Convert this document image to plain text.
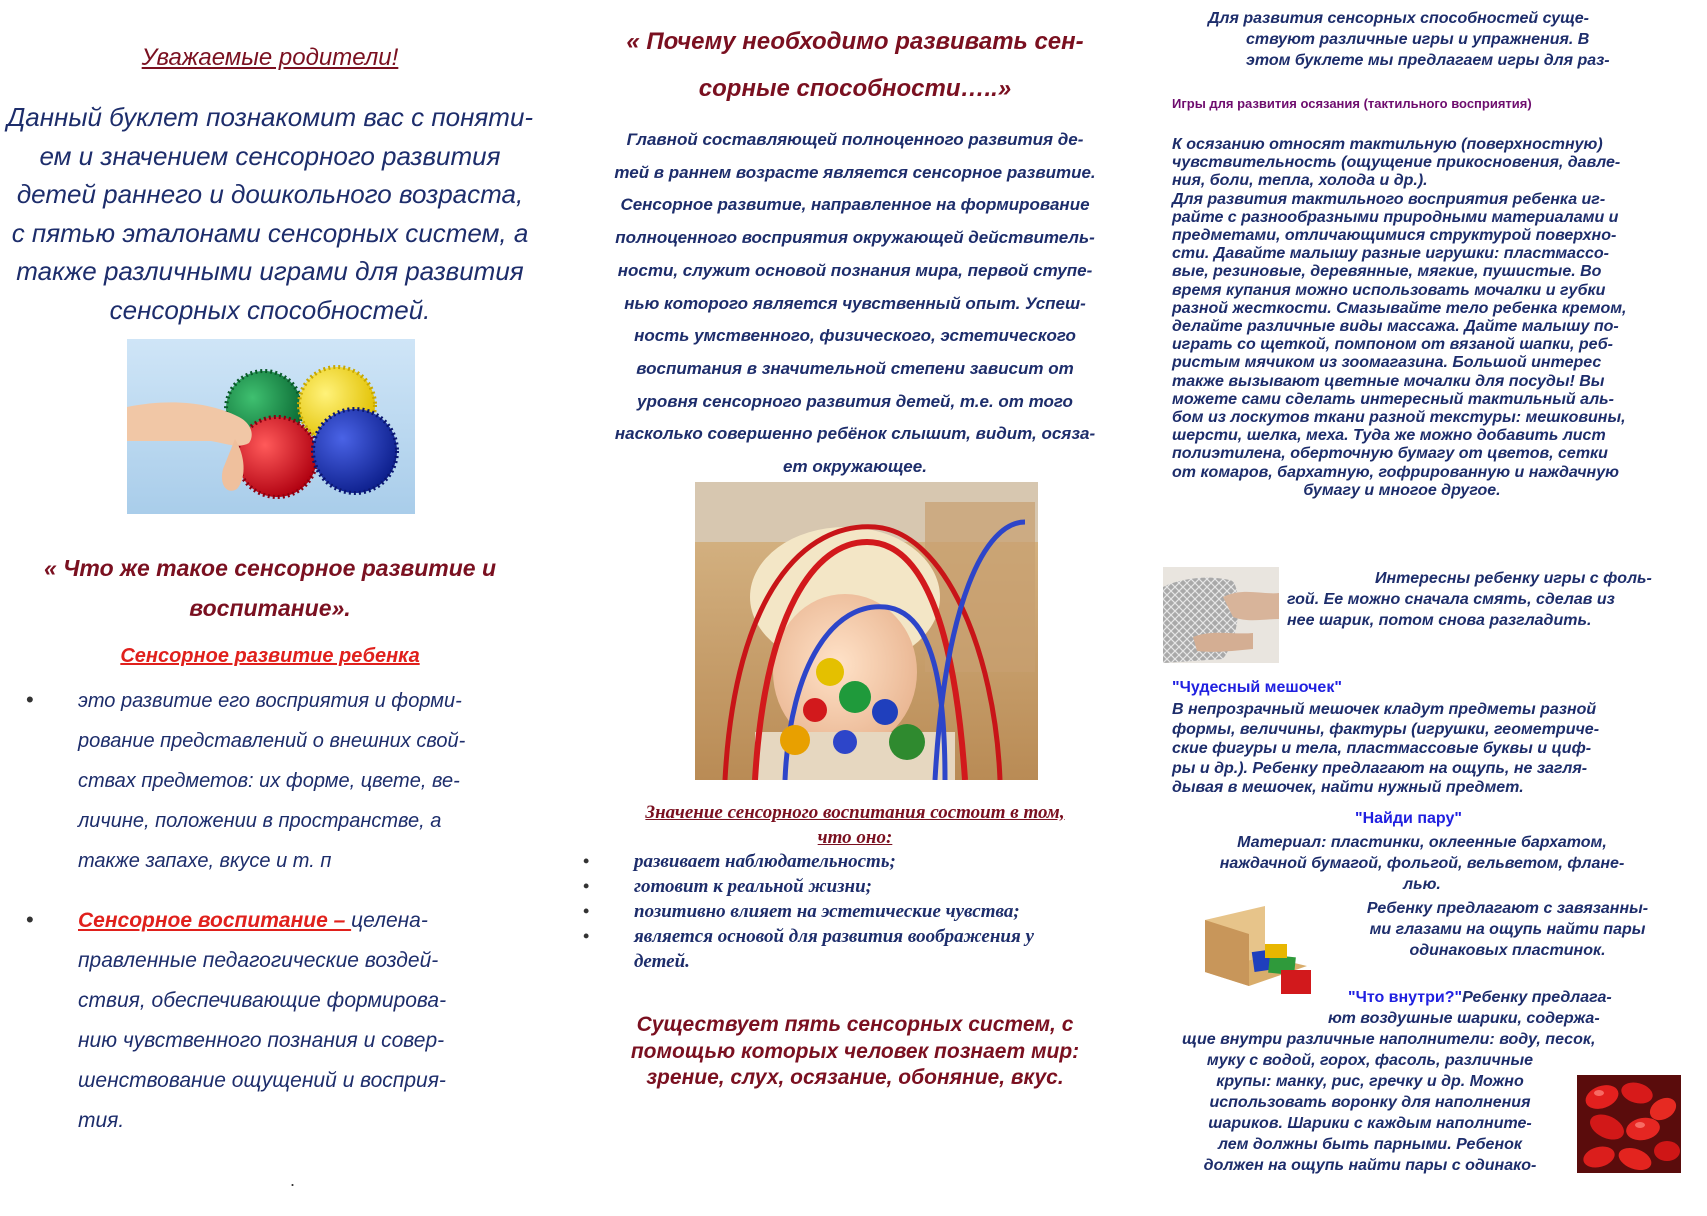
Уважаемые родители!
Данный буклет познакомит вас с поняти-
ем и значением сенсорного развития
детей раннего и дошкольного возраста,
с пятью эталонами сенсорных систем, а
также различными играми для развития
сенсорных способностей.
« Что же такое сенсорное развитие и
воспитание».
Сенсорное развитие ребенка
• это развитие его восприятия и форми-
рование представлений о внешних свой-
ствах предметов: их форме, цвете, ве-
личине, положении в пространстве, а
также запахе, вкусе и т. п
• Сенсорное воспитание – целена-
правленные педагогические воздей-
ствия, обеспечивающие формирова-
нию чувственного познания и совер-
шенствование ощущений и восприя-
тия.
.
« Почему необходимо развивать сен-
сорные способности…..»
Главной составляющей полноценного развития де-
тей в раннем возрасте является сенсорное развитие.
Сенсорное развитие, направленное на формирование
полноценного восприятия окружающей действитель-
ности, служит основой познания мира, первой ступе-
нью которого является чувственный опыт. Успеш-
ность умственного, физического, эстетического
воспитания в значительной степени зависит от
уровня сенсорного развития детей, т.е. от того
насколько совершенно ребёнок слышит, видит, осяза-
ет окружающее.
Значение сенсорного воспитания состоит в том,
что оно:
• развивает наблюдательность;
• готовит к реальной жизни;
• позитивно влияет на эстетические чувства;
• является основой для развития воображения у
детей.
Существует пять сенсорных систем, с
помощью которых человек познает мир:
зрение, слух, осязание, обоняние, вкус.
Для развития сенсорных способностей суще-
ствуют различные игры и упражнения. В
этом буклете мы предлагаем игры для раз-
Игры для развития осязания (тактильного восприятия)
К осязанию относят тактильную (поверхностную)
чувствительность (ощущение прикосновения, давле-
ния, боли, тепла, холода и др.).
Для развития тактильного восприятия ребенка иг-
райте с разнообразными природными материалами и
предметами, отличающимися структурой поверхно-
сти. Давайте малышу разные игрушки: пластмассо-
вые, резиновые, деревянные, мягкие, пушистые. Во
время купания можно использовать мочалки и губки
разной жесткости. Смазывайте тело ребенка кремом,
делайте различные виды массажа. Дайте малышу по-
играть со щеткой, помпоном от вязаной шапки, реб-
ристым мячиком из зоомагазина. Большой интерес
также вызывают цветные мочалки для посуды! Вы
можете сами сделать интересный тактильный аль-
бом из лоскутов ткани разной текстуры: мешковины,
шерсти, шелка, меха. Туда же можно добавить лист
полиэтилена, оберточную бумагу от цветов, сетки
от комаров, бархатную, гофрированную и наждачную
бумагу и многое другое.
Интересны ребенку игры с фоль-
гой. Ее можно сначала смять, сделав из
нее шарик, потом снова разгладить.
"Чудесный мешочек"
В непрозрачный мешочек кладут предметы разной
формы, величины, фактуры (игрушки, геометриче-
ские фигуры и тела, пластмассовые буквы и циф-
ры и др.). Ребенку предлагают на ощупь, не загля-
дывая в мешочек, найти нужный предмет.
"Найди пару"
Материал: пластинки, оклеенные бархатом,
наждачной бумагой, фольгой, вельветом, флане-
лью.
Ребенку предлагают с завязанны-
ми глазами на ощупь найти пары
одинаковых пластинок.
"Что внутри?"Ребенку предлага-
ют воздушные шарики, содержа-
щие внутри различные наполнители: воду, песок,
муку с водой, горох, фасоль, различные
крупы: манку, рис, гречку и др. Можно
использовать воронку для наполнения
шариков. Шарики с каждым наполните-
лем должны быть парными. Ребенок
должен на ощупь найти пары с одинако-
